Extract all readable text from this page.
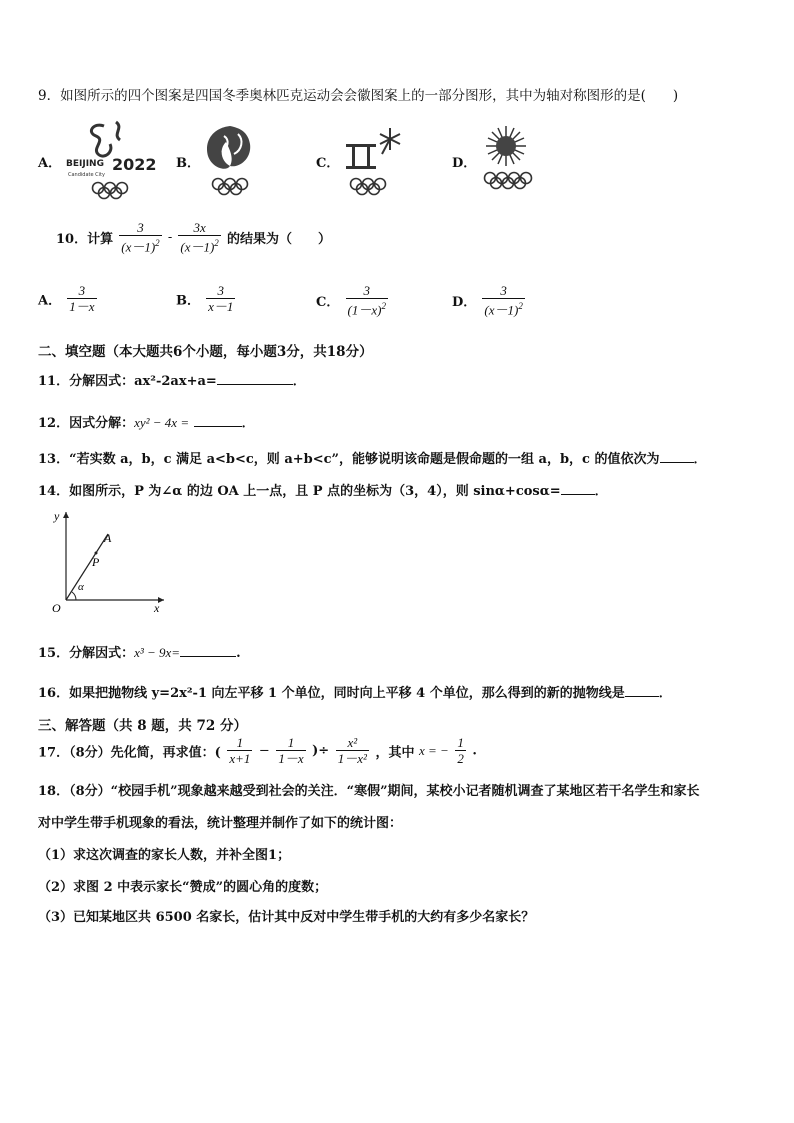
9．如图所示的四个图案是四国冬季奥林匹克运动会会徽图案上的一部分图形，其中为轴对称图形的是(　　)
A． BEIJING 2022
Candidate City
B．	C．	D．
10．计算 $\frac{3}{(x-1)^2} - \frac{3x}{(x-1)^2}$ 的结果为（　　）
A． $\frac{3}{1-x}$	B． $\frac{3}{x-1}$	C． $\frac{3}{(1-x)^2}$	D． $\frac{3}{(x-1)^2}$
二、填空题（本大题共6个小题，每小题3分，共18分）
11．分解因式：ax²-2ax+a=	．
12．因式分解：xy² − 4x =	．
13．“若实数 a，b，c 满足 a<b<c，则 a+b<c”，能够说明该命题是假命题的一组 a，b，c 的值依次为	．
14．如图所示，P 为∠α 的边 OA 上一点，且 P 点的坐标为（3，4），则 sinα+cosα=	．
y
x
O
A
P
α
15．分解因式：x³ − 9x=	.
16．如果把抛物线 y=2x²-1 向左平移 1 个单位，同时向上平移 4 个单位，那么得到的新的抛物线是	．
三、解答题（共 8 题，共 72 分）
17．（8分）先化简，再求值：( $\frac{1}{x+1} - \frac{1}{1-x}$ )÷ $\frac{\text{x²}}{\text{1－x²}}$ ，其中 x = − $\frac{1}{2}$ .
18．（8分）“校园手机”现象越来越受到社会的关注．“寒假”期间，某校小记者随机调查了某地区若干名学生和家长
对中学生带手机现象的看法，统计整理并制作了如下的统计图：
（1）求这次调查的家长人数，并补全图1；
（2）求图 2 中表示家长“赞成”的圆心角的度数；
（3）已知某地区共 6500 名家长，估计其中反对中学生带手机的大约有多少名家长？
